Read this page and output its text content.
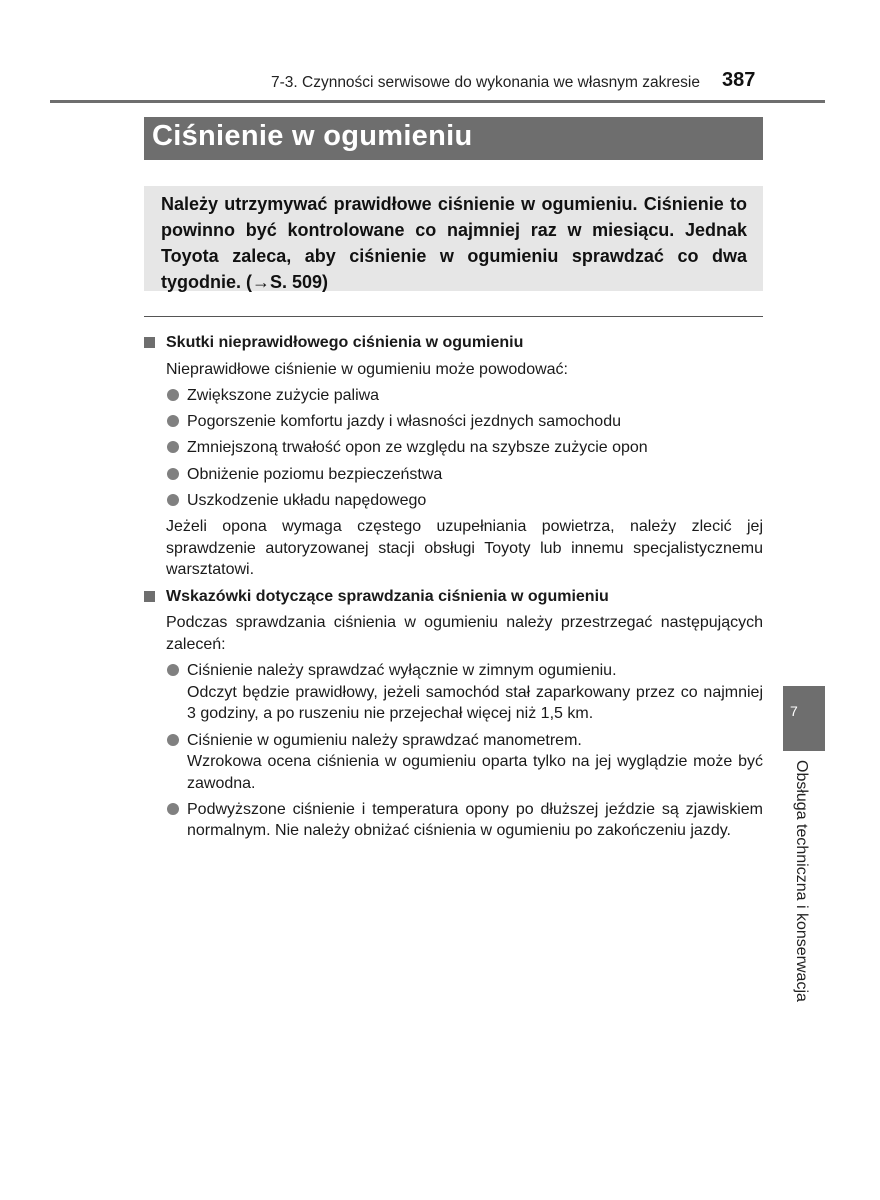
7-3. Czynności serwisowe do wykonania we własnym zakresie 387
Ciśnienie w ogumieniu
Należy utrzymywać prawidłowe ciśnienie w ogumieniu. Ciśnienie to powinno być kontrolowane co najmniej raz w miesiącu. Jednak Toyota zaleca, aby ciśnienie w ogumieniu sprawdzać co dwa tygodnie. (→S. 509)
Skutki nieprawidłowego ciśnienia w ogumieniu
Nieprawidłowe ciśnienie w ogumieniu może powodować:
Zwiększone zużycie paliwa
Pogorszenie komfortu jazdy i własności jezdnych samochodu
Zmniejszoną trwałość opon ze względu na szybsze zużycie opon
Obniżenie poziomu bezpieczeństwa
Uszkodzenie układu napędowego
Jeżeli opona wymaga częstego uzupełniania powietrza, należy zlecić jej sprawdzenie autoryzowanej stacji obsługi Toyoty lub innemu specjalistycznemu warsztatowi.
Wskazówki dotyczące sprawdzania ciśnienia w ogumieniu
Podczas sprawdzania ciśnienia w ogumieniu należy przestrzegać następujących zaleceń:
Ciśnienie należy sprawdzać wyłącznie w zimnym ogumieniu.
Odczyt będzie prawidłowy, jeżeli samochód stał zaparkowany przez co najmniej 3 godziny, a po ruszeniu nie przejechał więcej niż 1,5 km.
Ciśnienie w ogumieniu należy sprawdzać manometrem.
Wzrokowa ocena ciśnienia w ogumieniu oparta tylko na jej wyglądzie może być zawodna.
Podwyższone ciśnienie i temperatura opony po dłuższej jeździe są zjawiskiem normalnym. Nie należy obniżać ciśnienia w ogumieniu po zakończeniu jazdy.
7
Obsługa techniczna i konserwacja
